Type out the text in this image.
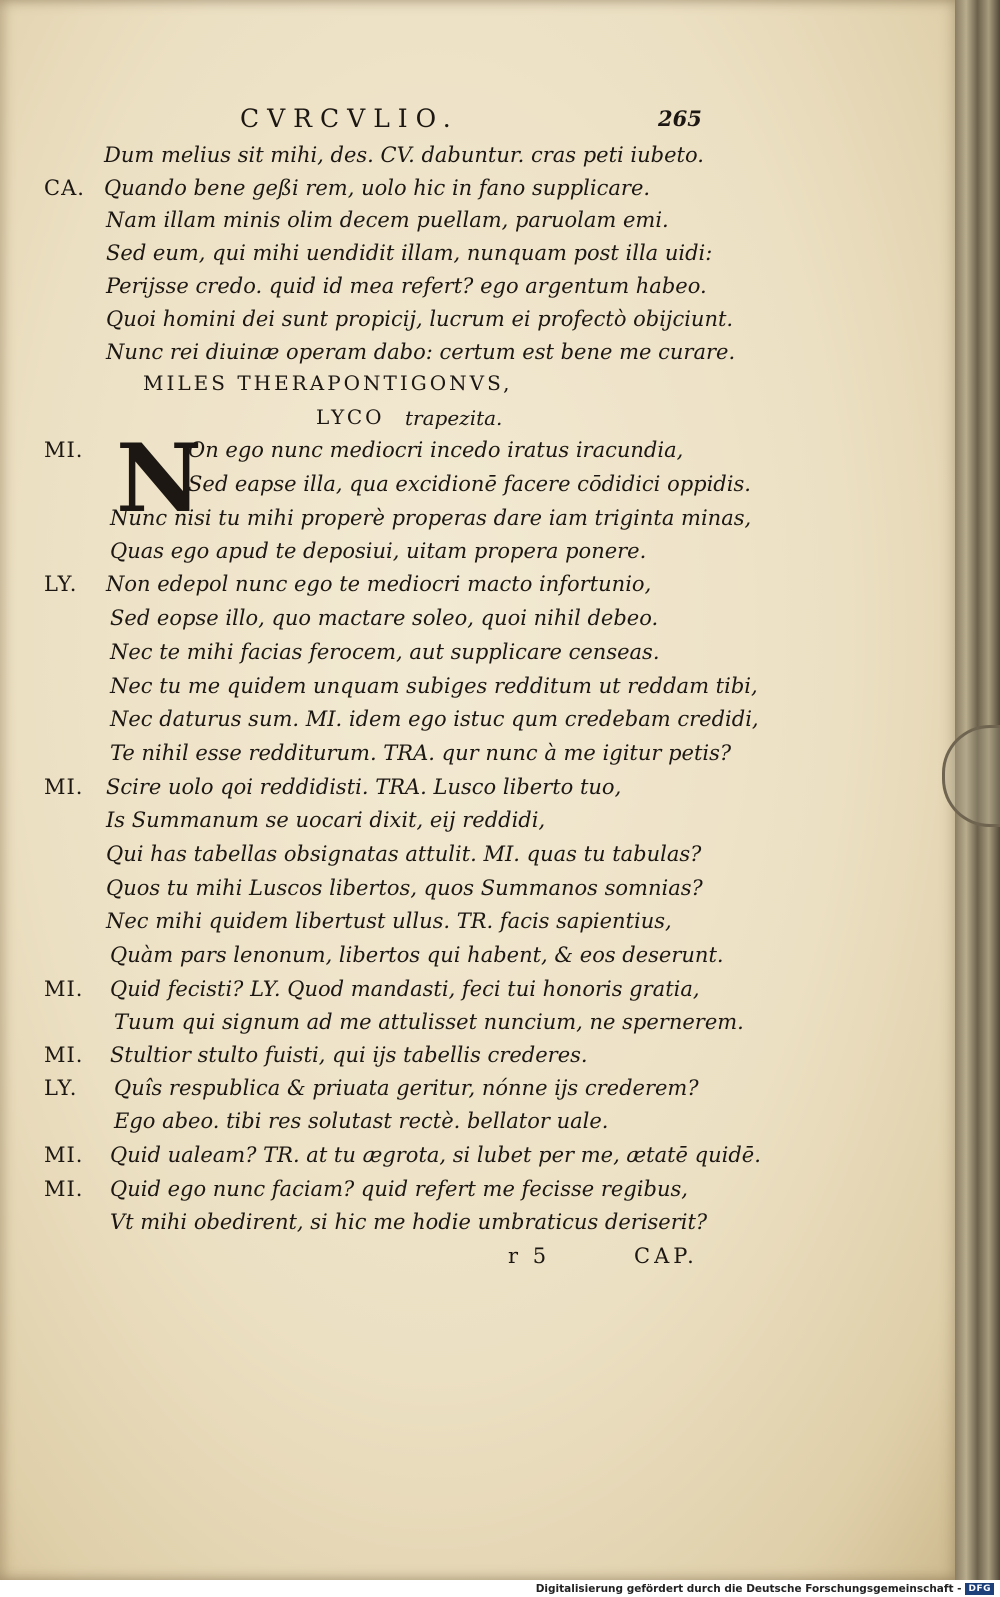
CVRCVLIO.	265
Dum melius sit mihi, des. CV. dabuntur. cras peti iubeto.
CA. Quando bene geßi rem, uolo hic in fano supplicare.
Nam illam minis olim decem puellam, paruolam emi.
Sed eum, qui mihi uendidit illam, nunquam post illa uidi:
Perijsse credo. quid id mea refert? ego argentum habeo.
Quoi homini dei sunt propicij, lucrum ei profectò obijciunt.
Nunc rei diuinæ operam dabo: certum est bene me curare.
MILES THERAPONTIGONVS,
LYCO trapezita.
N
MI.	On ego nunc mediocri incedo iratus iracundia,
Sed eapse illa, qua excidionē facere cōdidici oppidis.
Nunc nisi tu mihi properè properas dare iam triginta minas,
Quas ego apud te deposiui, uitam propera ponere.
LY. Non edepol nunc ego te mediocri macto infortunio,
Sed eopse illo, quo mactare soleo, quoi nihil debeo.
Nec te mihi facias ferocem, aut supplicare censeas.
Nec tu me quidem unquam subiges redditum ut reddam tibi,
Nec daturus sum. MI. idem ego istuc qum credebam credidi,
Te nihil esse redditurum. TRA. qur nunc à me igitur petis?
MI. Scire uolo qoi reddidisti. TRA. Lusco liberto tuo,
Is Summanum se uocari dixit, eij reddidi,
Qui has tabellas obsignatas attulit. MI. quas tu tabulas?
Quos tu mihi Luscos libertos, quos Summanos somnias?
Nec mihi quidem libertust ullus. TR. facis sapientius,
Quàm pars lenonum, libertos qui habent, & eos deserunt.
MI. Quid fecisti? LY. Quod mandasti, feci tui honoris gratia,
Tuum qui signum ad me attulisset nuncium, ne spernerem.
MI. Stultior stulto fuisti, qui ijs tabellis crederes.
LY. Quîs respublica & priuata geritur, nónne ijs crederem?
Ego abeo. tibi res solutast rectè. bellator uale.
MI. Quid ualeam? TR. at tu ægrota, si lubet per me, ætatē quidē.
MI. Quid ego nunc faciam? quid refert me fecisse regibus,
Vt mihi obedirent, si hic me hodie umbraticus deriserit?
r 5	CAP.
Digitalisierung gefördert durch die Deutsche Forschungsgemeinschaft - DFG
